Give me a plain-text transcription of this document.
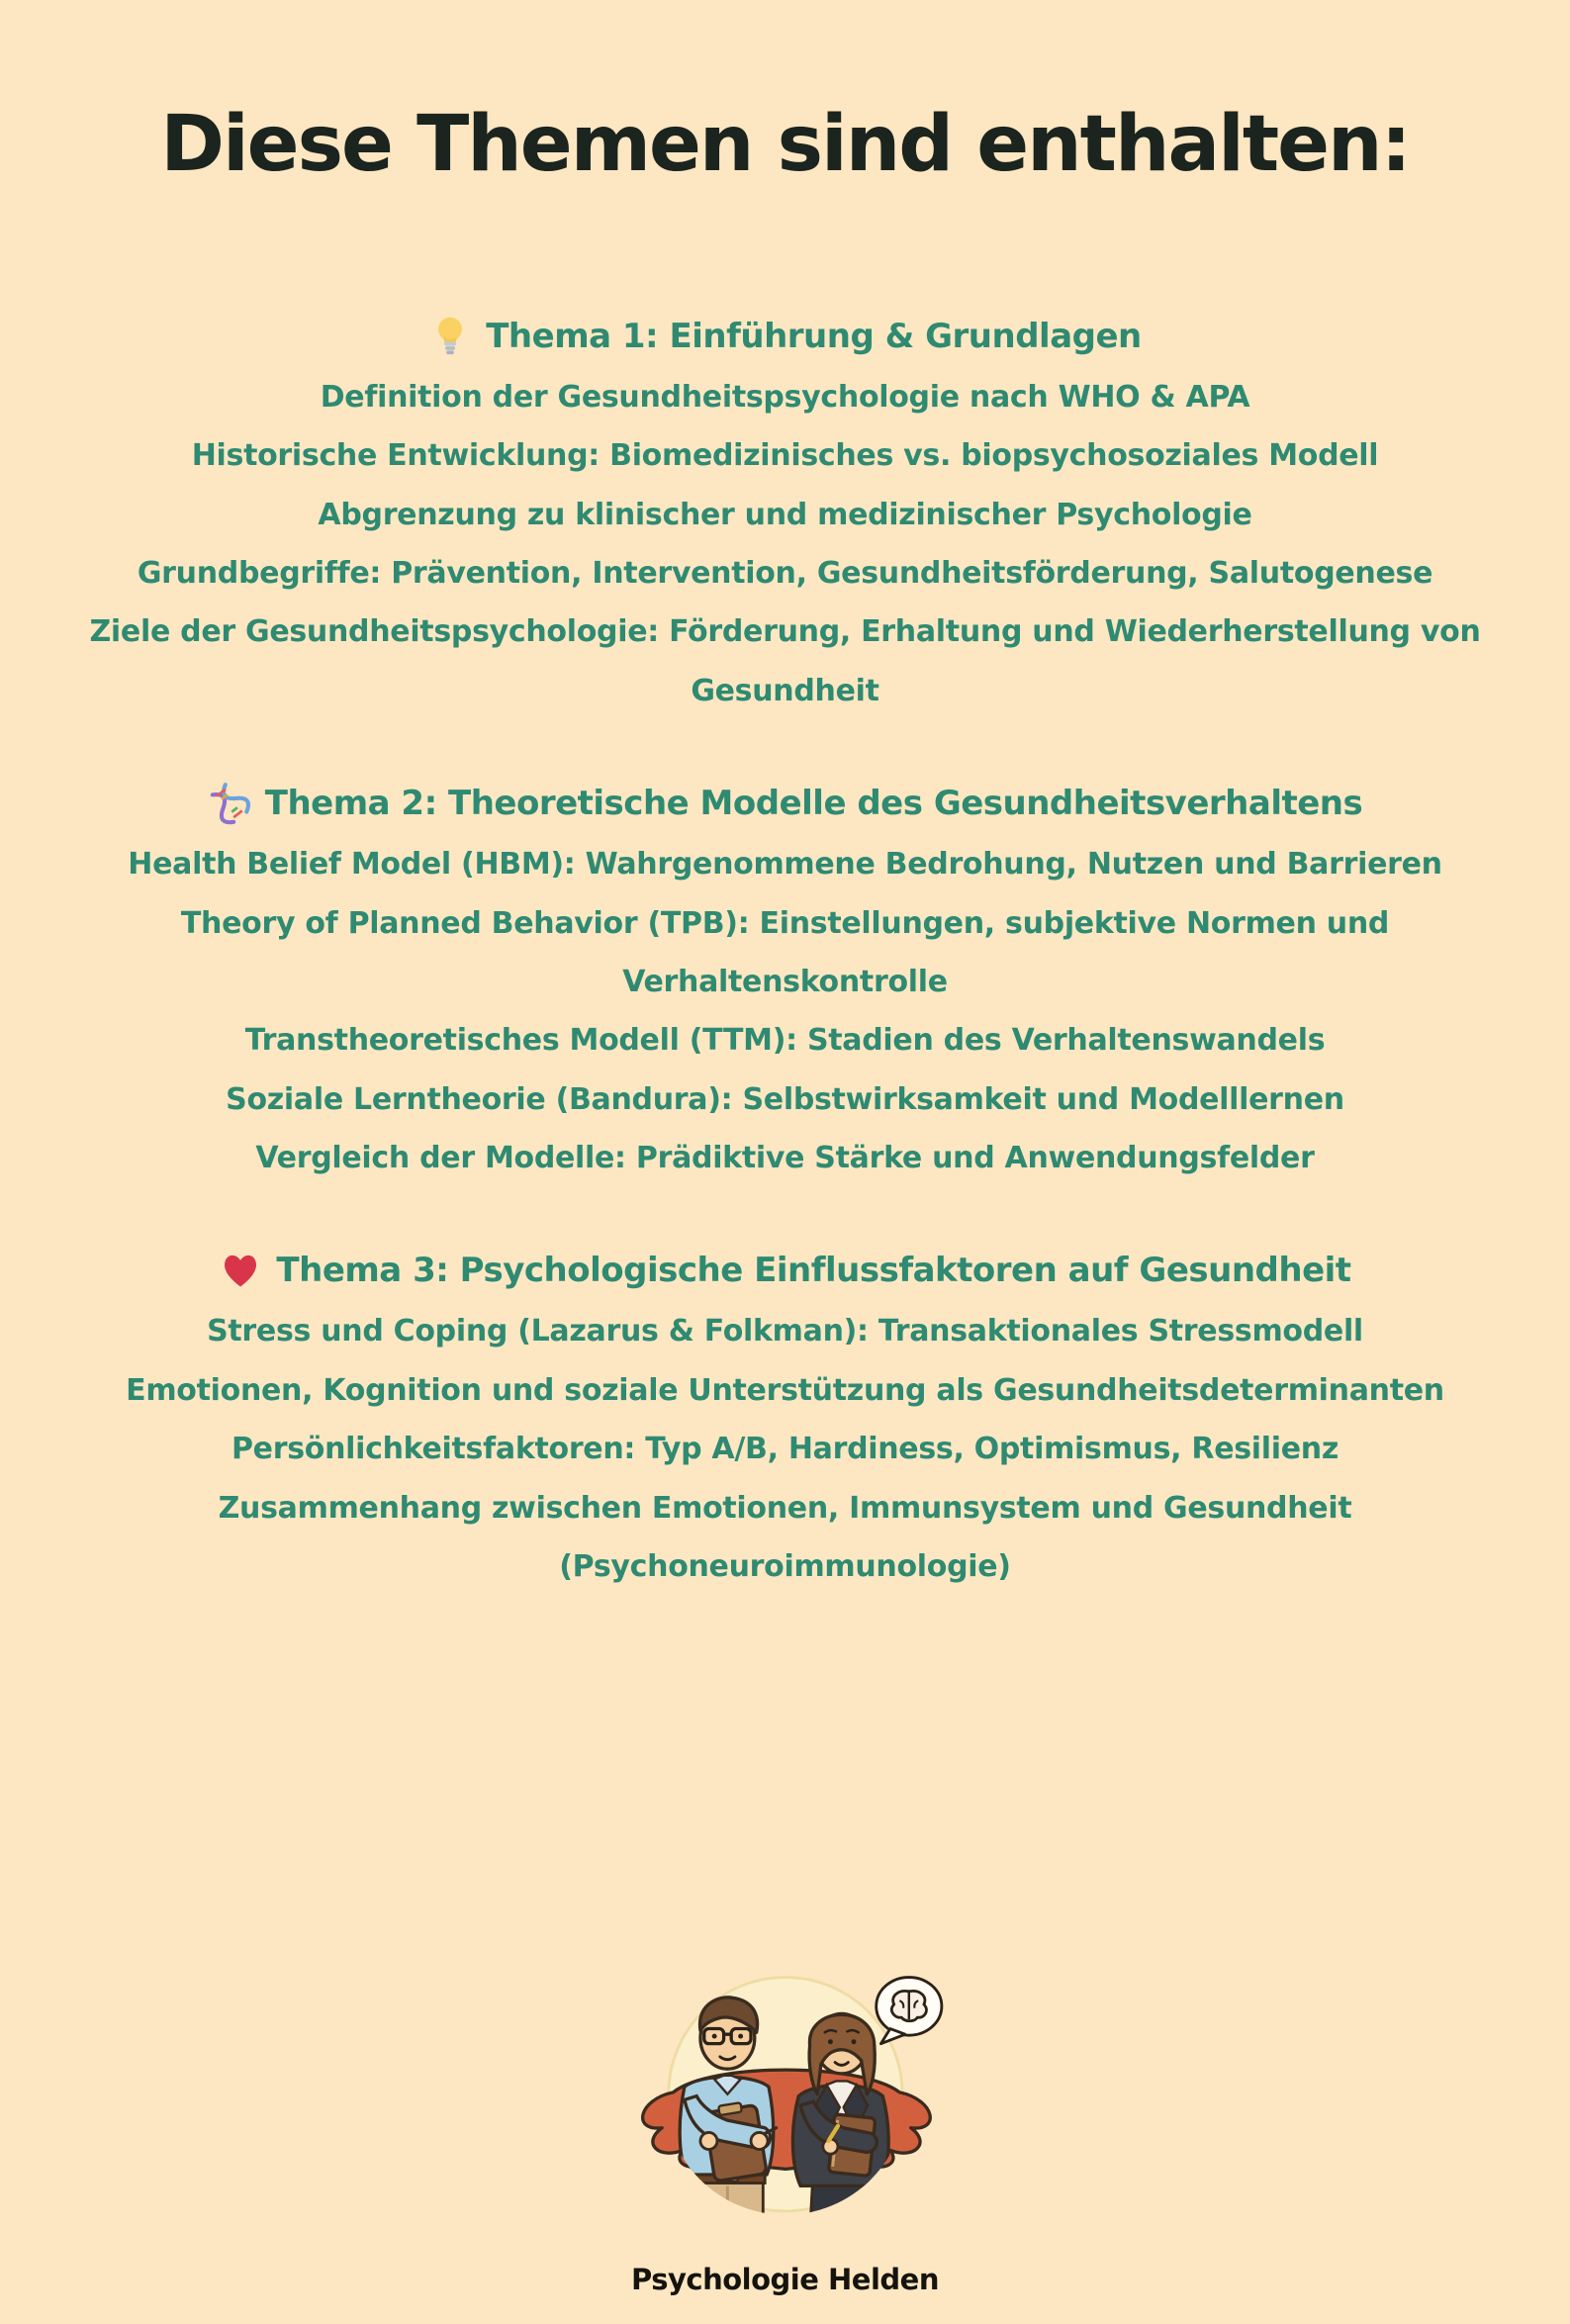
Diese Themen sind enthalten:
Thema 1: Einführung & Grundlagen

Definition der Gesundheitspsychologie nach WHO & APA

Historische Entwicklung: Biomedizinisches vs. biopsychosoziales Modell

Abgrenzung zu klinischer und medizinischer Psychologie

Grundbegriffe: Prävention, Intervention, Gesundheitsförderung, Salutogenese

Ziele der Gesundheitspsychologie: Förderung, Erhaltung und Wiederherstellung von Gesundheit

Thema 2: Theoretische Modelle des Gesundheitsverhaltens

Health Belief Model (HBM): Wahrgenommene Bedrohung, Nutzen und Barrieren

Theory of Planned Behavior (TPB): Einstellungen, subjektive Normen und Verhaltenskontrolle

Transtheoretisches Modell (TTM): Stadien des Verhaltenswandels

Soziale Lerntheorie (Bandura): Selbstwirksamkeit und Modelllernen

Vergleich der Modelle: Prädiktive Stärke und Anwendungsfelder

Thema 3: Psychologische Einflussfaktoren auf Gesundheit

Stress und Coping (Lazarus & Folkman): Transaktionales Stressmodell

Emotionen, Kognition und soziale Unterstützung als Gesundheitsdeterminanten

Persönlichkeitsfaktoren: Typ A/B, Hardiness, Optimismus, Resilienz

Zusammenhang zwischen Emotionen, Immunsystem und Gesundheit (Psychoneuroimmunologie)

Psychologie Helden
